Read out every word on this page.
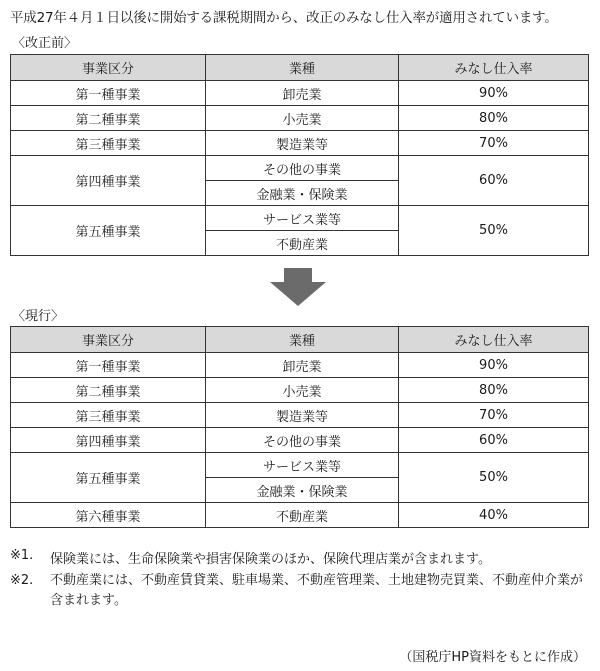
平成27年４月１日以後に開始する課税期間から、改正のみなし仕入率が適用されています。
〈改正前〉
事業区分	業種	みなし仕入率
第一種事業	卸売業	90%
第二種事業	小売業	80%
第三種事業	製造業等	70%
第四種事業	その他の事業	60%
	金融業・保険業	
第五種事業	サービス業等	50%
	不動産業	
〈現行〉
事業区分	業種	みなし仕入率
第一種事業	卸売業	90%
第二種事業	小売業	80%
第三種事業	製造業等	70%
第四種事業	その他の事業	60%
第五種事業	サービス業等	50%
	金融業・保険業	
第六種事業	不動産業	40%
※1. 保険業には、生命保険業や損害保険業のほか、保険代理店業が含まれます。
※2. 不動産業には、不動産賃貸業、駐車場業、不動産管理業、土地建物売買業、不動産仲介業が含まれます。
（国税庁HP資料をもとに作成）
